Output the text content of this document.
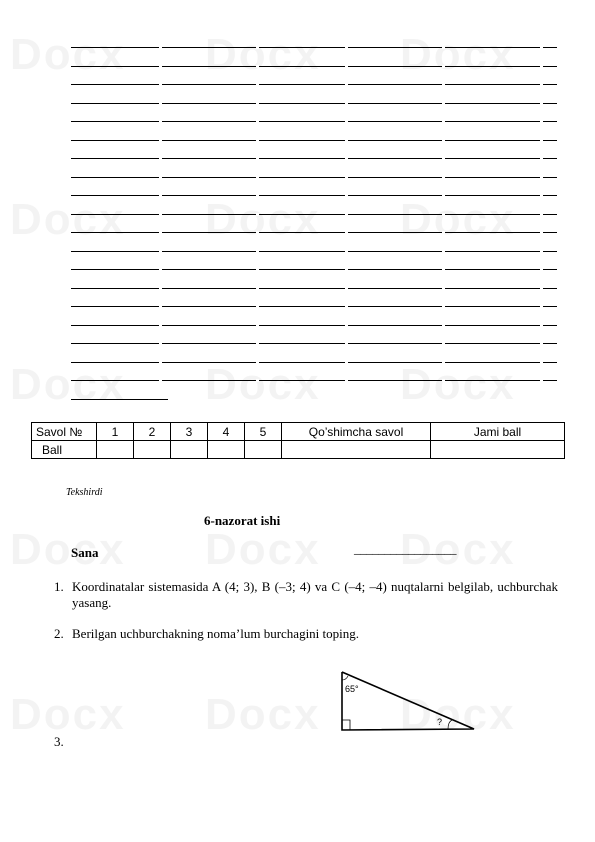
Savol №	1	2	3	4	5	Qo’shimcha savol	Jami ball
Ball							
Tekshirdi
6-nazorat ishi
Sana	_________________
1. Koordinatalar sistemasida A (4; 3), B (–3; 4) va C (–4; –4) nuqtalarni belgilab, uchburchak yasang.
2. Berilgan uchburchakning noma’lum burchagini toping.
3.
65°
?
